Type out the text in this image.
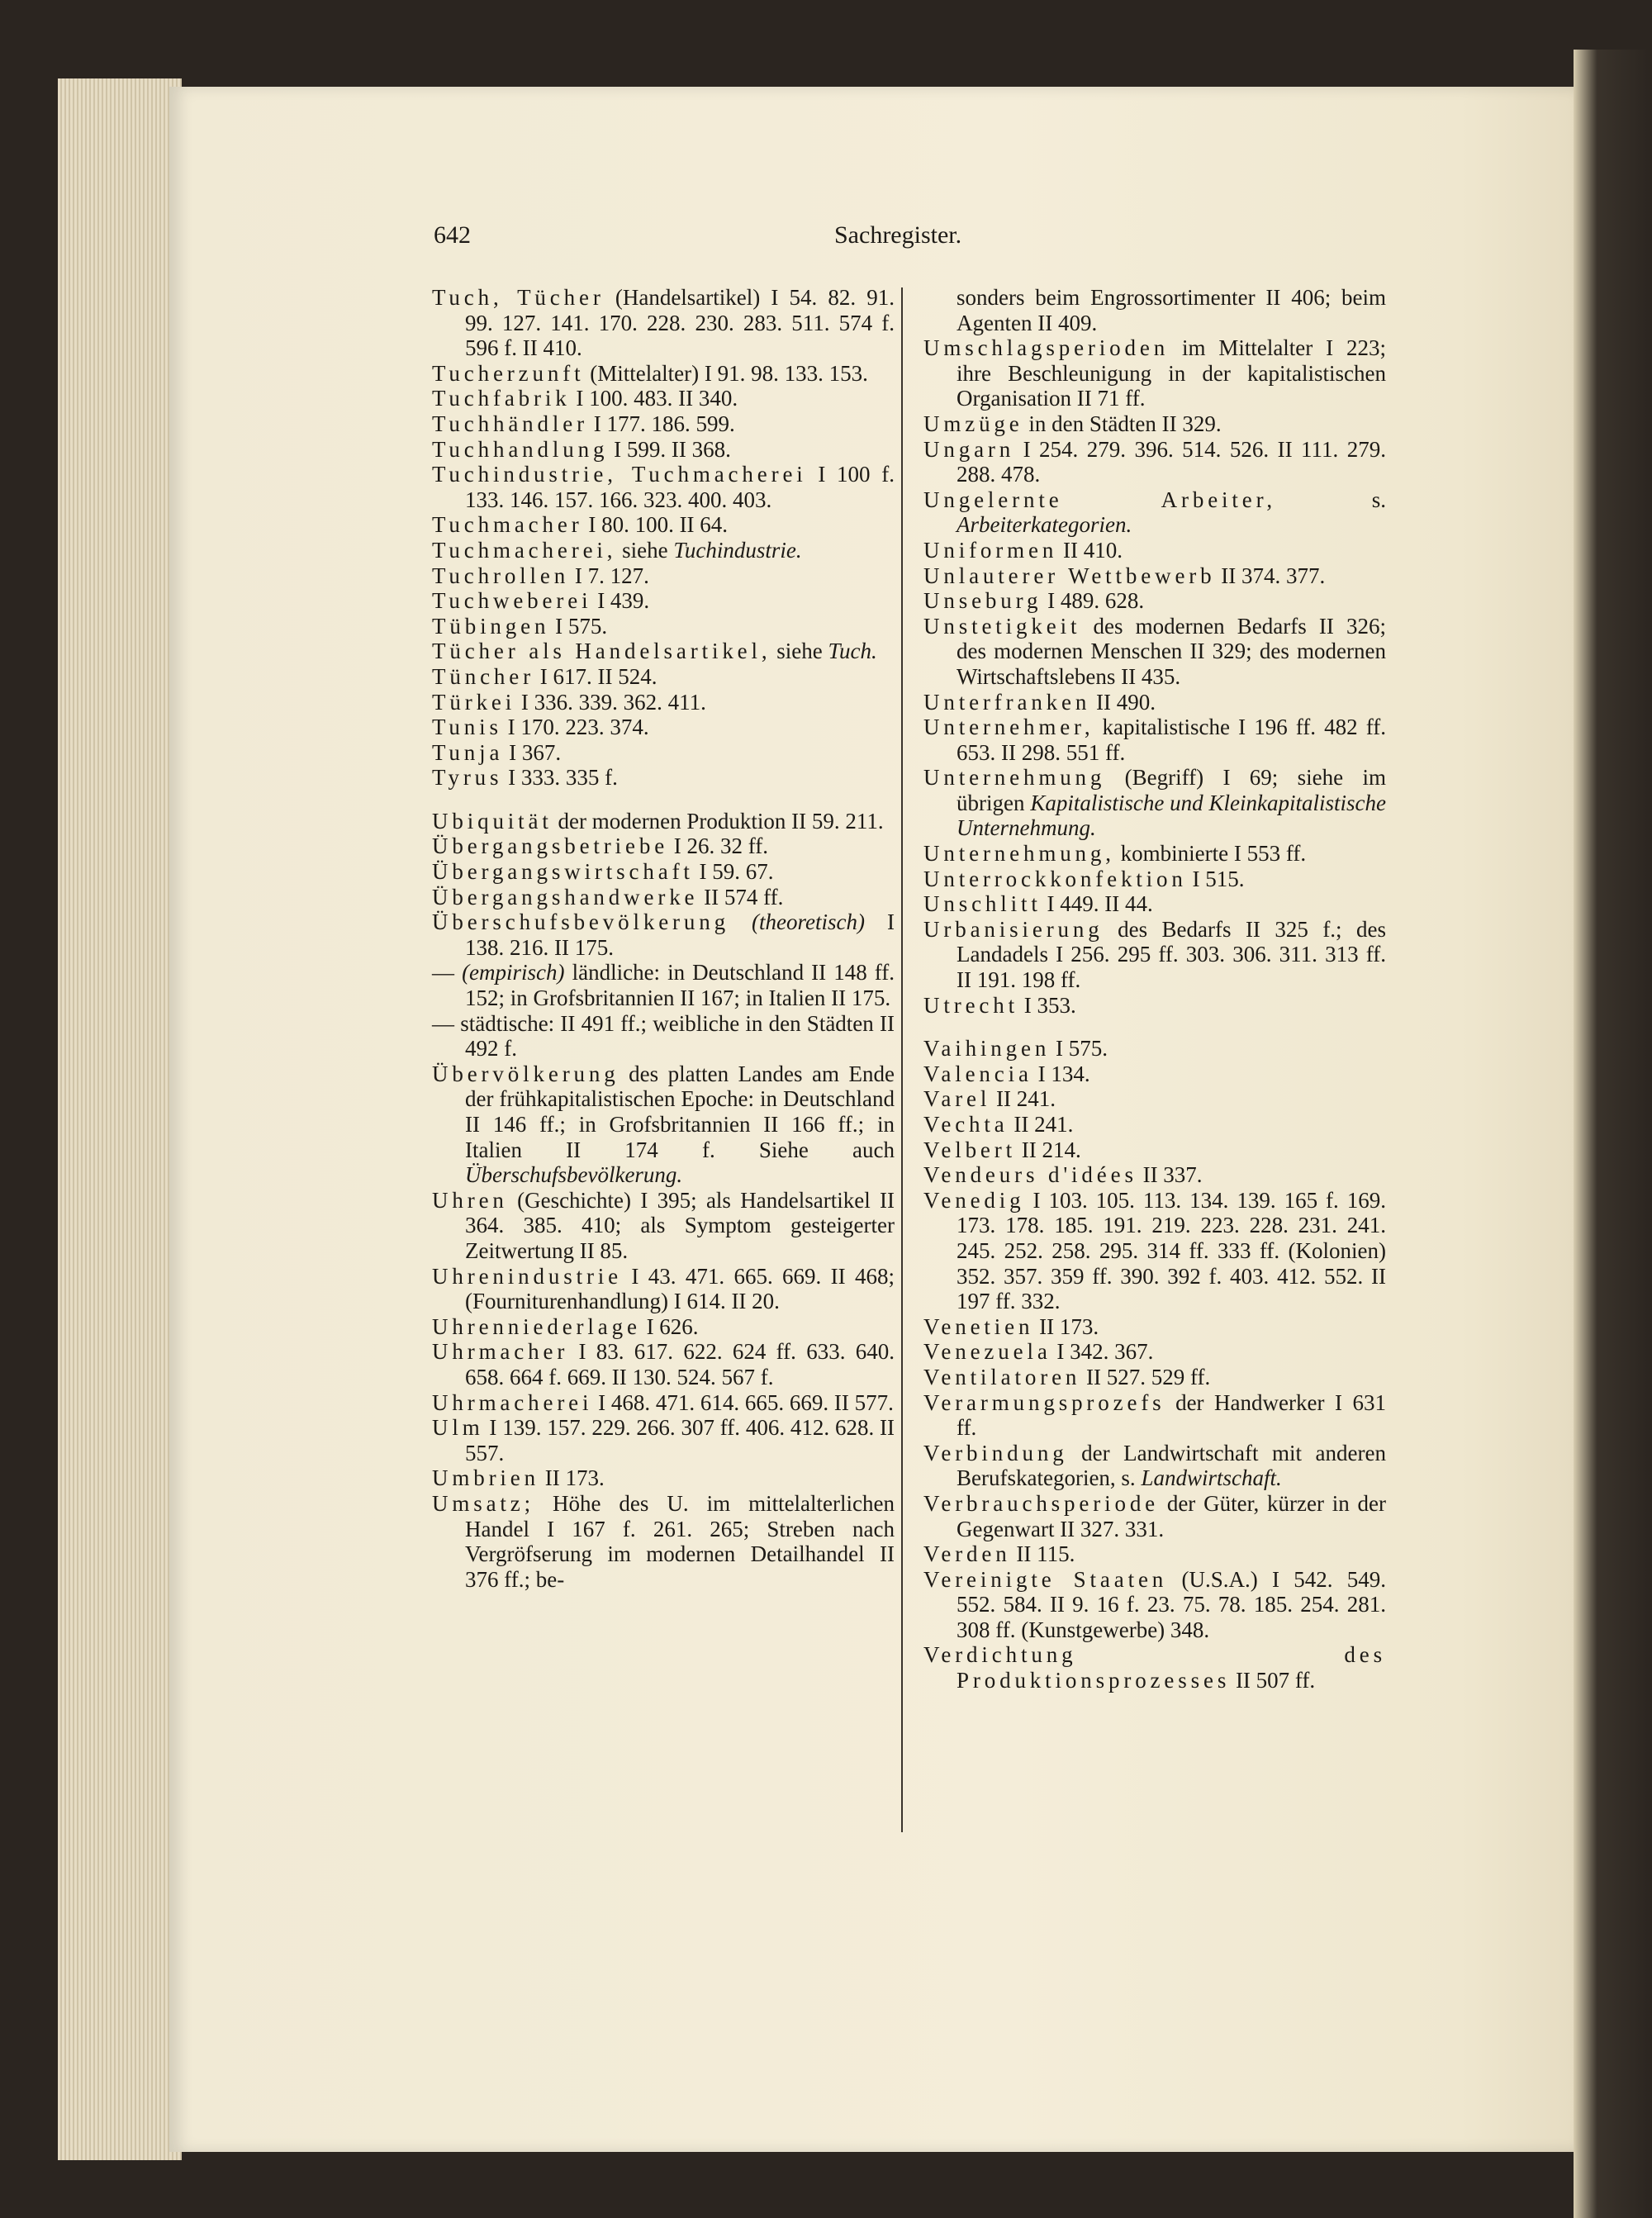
642	Sachregister.
Tuch, Tücher (Handelsartikel) I 54. 82. 91. 99. 127. 141. 170. 228. 230. 283. 511. 574 f. 596 f. II 410.
Tucherzunft (Mittelalter) I 91. 98. 133. 153.
Tuchfabrik I 100. 483. II 340.
Tuchhändler I 177. 186. 599.
Tuchhandlung I 599. II 368.
Tuchindustrie, Tuchmacherei I 100 f. 133. 146. 157. 166. 323. 400. 403.
Tuchmacher I 80. 100. II 64.
Tuchmacherei, siehe Tuchindustrie.
Tuchrollen I 7. 127.
Tuchweberei I 439.
Tübingen I 575.
Tücher als Handelsartikel, siehe Tuch.
Tüncher I 617. II 524.
Türkei I 336. 339. 362. 411.
Tunis I 170. 223. 374.
Tunja I 367.
Tyrus I 333. 335 f.
Ubiquität der modernen Produktion II 59. 211.
Übergangsbetriebe I 26. 32 ff.
Übergangswirtschaft I 59. 67.
Übergangshandwerke II 574 ff.
Überschufsbevölkerung (theoretisch) I 138. 216. II 175.
— (empirisch) ländliche: in Deutschland II 148 ff. 152; in Grofsbritannien II 167; in Italien II 175.
— städtische: II 491 ff.; weibliche in den Städten II 492 f.
Übervölkerung des platten Landes am Ende der frühkapitalistischen Epoche: in Deutschland II 146 ff.; in Grofsbritannien II 166 ff.; in Italien II 174 f. Siehe auch Überschufsbevölkerung.
Uhren (Geschichte) I 395; als Handelsartikel II 364. 385. 410; als Symptom gesteigerter Zeitwertung II 85.
Uhrenindustrie I 43. 471. 665. 669. II 468; (Fourniturenhandlung) I 614. II 20.
Uhrenniederlage I 626.
Uhrmacher I 83. 617. 622. 624 ff. 633. 640. 658. 664 f. 669. II 130. 524. 567 f.
Uhrmacherei I 468. 471. 614. 665. 669. II 577.
Ulm I 139. 157. 229. 266. 307 ff. 406. 412. 628. II 557.
Umbrien II 173.
Umsatz; Höhe des U. im mittelalterlichen Handel I 167 f. 261. 265; Streben nach Vergröfserung im modernen Detailhandel II 376 ff.; be-
sonders beim Engrossortimenter II 406; beim Agenten II 409.
Umschlagsperioden im Mittelalter I 223; ihre Beschleunigung in der kapitalistischen Organisation II 71 ff.
Umzüge in den Städten II 329.
Ungarn I 254. 279. 396. 514. 526. II 111. 279. 288. 478.
Ungelernte Arbeiter,	s. Arbeiterkategorien.
Uniformen II 410.
Unlauterer Wettbewerb II 374. 377.
Unseburg I 489. 628.
Unstetigkeit des modernen Bedarfs II 326; des modernen Menschen II 329; des modernen Wirtschaftslebens II 435.
Unterfranken II 490.
Unternehmer, kapitalistische I 196 ff. 482 ff. 653. II 298. 551 ff.
Unternehmung (Begriff) I 69; siehe im übrigen Kapitalistische und Kleinkapitalistische Unternehmung.
Unternehmung, kombinierte I 553 ff.
Unterrockkonfektion I 515.
Unschlitt I 449. II 44.
Urbanisierung des Bedarfs II 325 f.; des Landadels I 256. 295 ff. 303. 306. 311. 313 ff. II 191. 198 ff.
Utrecht I 353.
Vaihingen I 575.
Valencia I 134.
Varel II 241.
Vechta II 241.
Velbert II 214.
Vendeurs d'idées II 337.
Venedig I 103. 105. 113. 134. 139. 165 f. 169. 173. 178. 185. 191. 219. 223. 228. 231. 241. 245. 252. 258. 295. 314 ff. 333 ff. (Kolonien) 352. 357. 359 ff. 390. 392 f. 403. 412. 552. II 197 ff. 332.
Venetien II 173.
Venezuela I 342. 367.
Ventilatoren II 527. 529 ff.
Verarmungsprozefs der Handwerker I 631 ff.
Verbindung der Landwirtschaft mit anderen Berufskategorien, s. Landwirtschaft.
Verbrauchsperiode der Güter, kürzer in der Gegenwart II 327. 331.
Verden II 115.
Vereinigte Staaten (U.S.A.) I 542. 549. 552. 584. II 9. 16 f. 23. 75. 78. 185. 254. 281. 308 ff. (Kunstgewerbe) 348.
Verdichtung des Produktionsprozesses II 507 ff.
